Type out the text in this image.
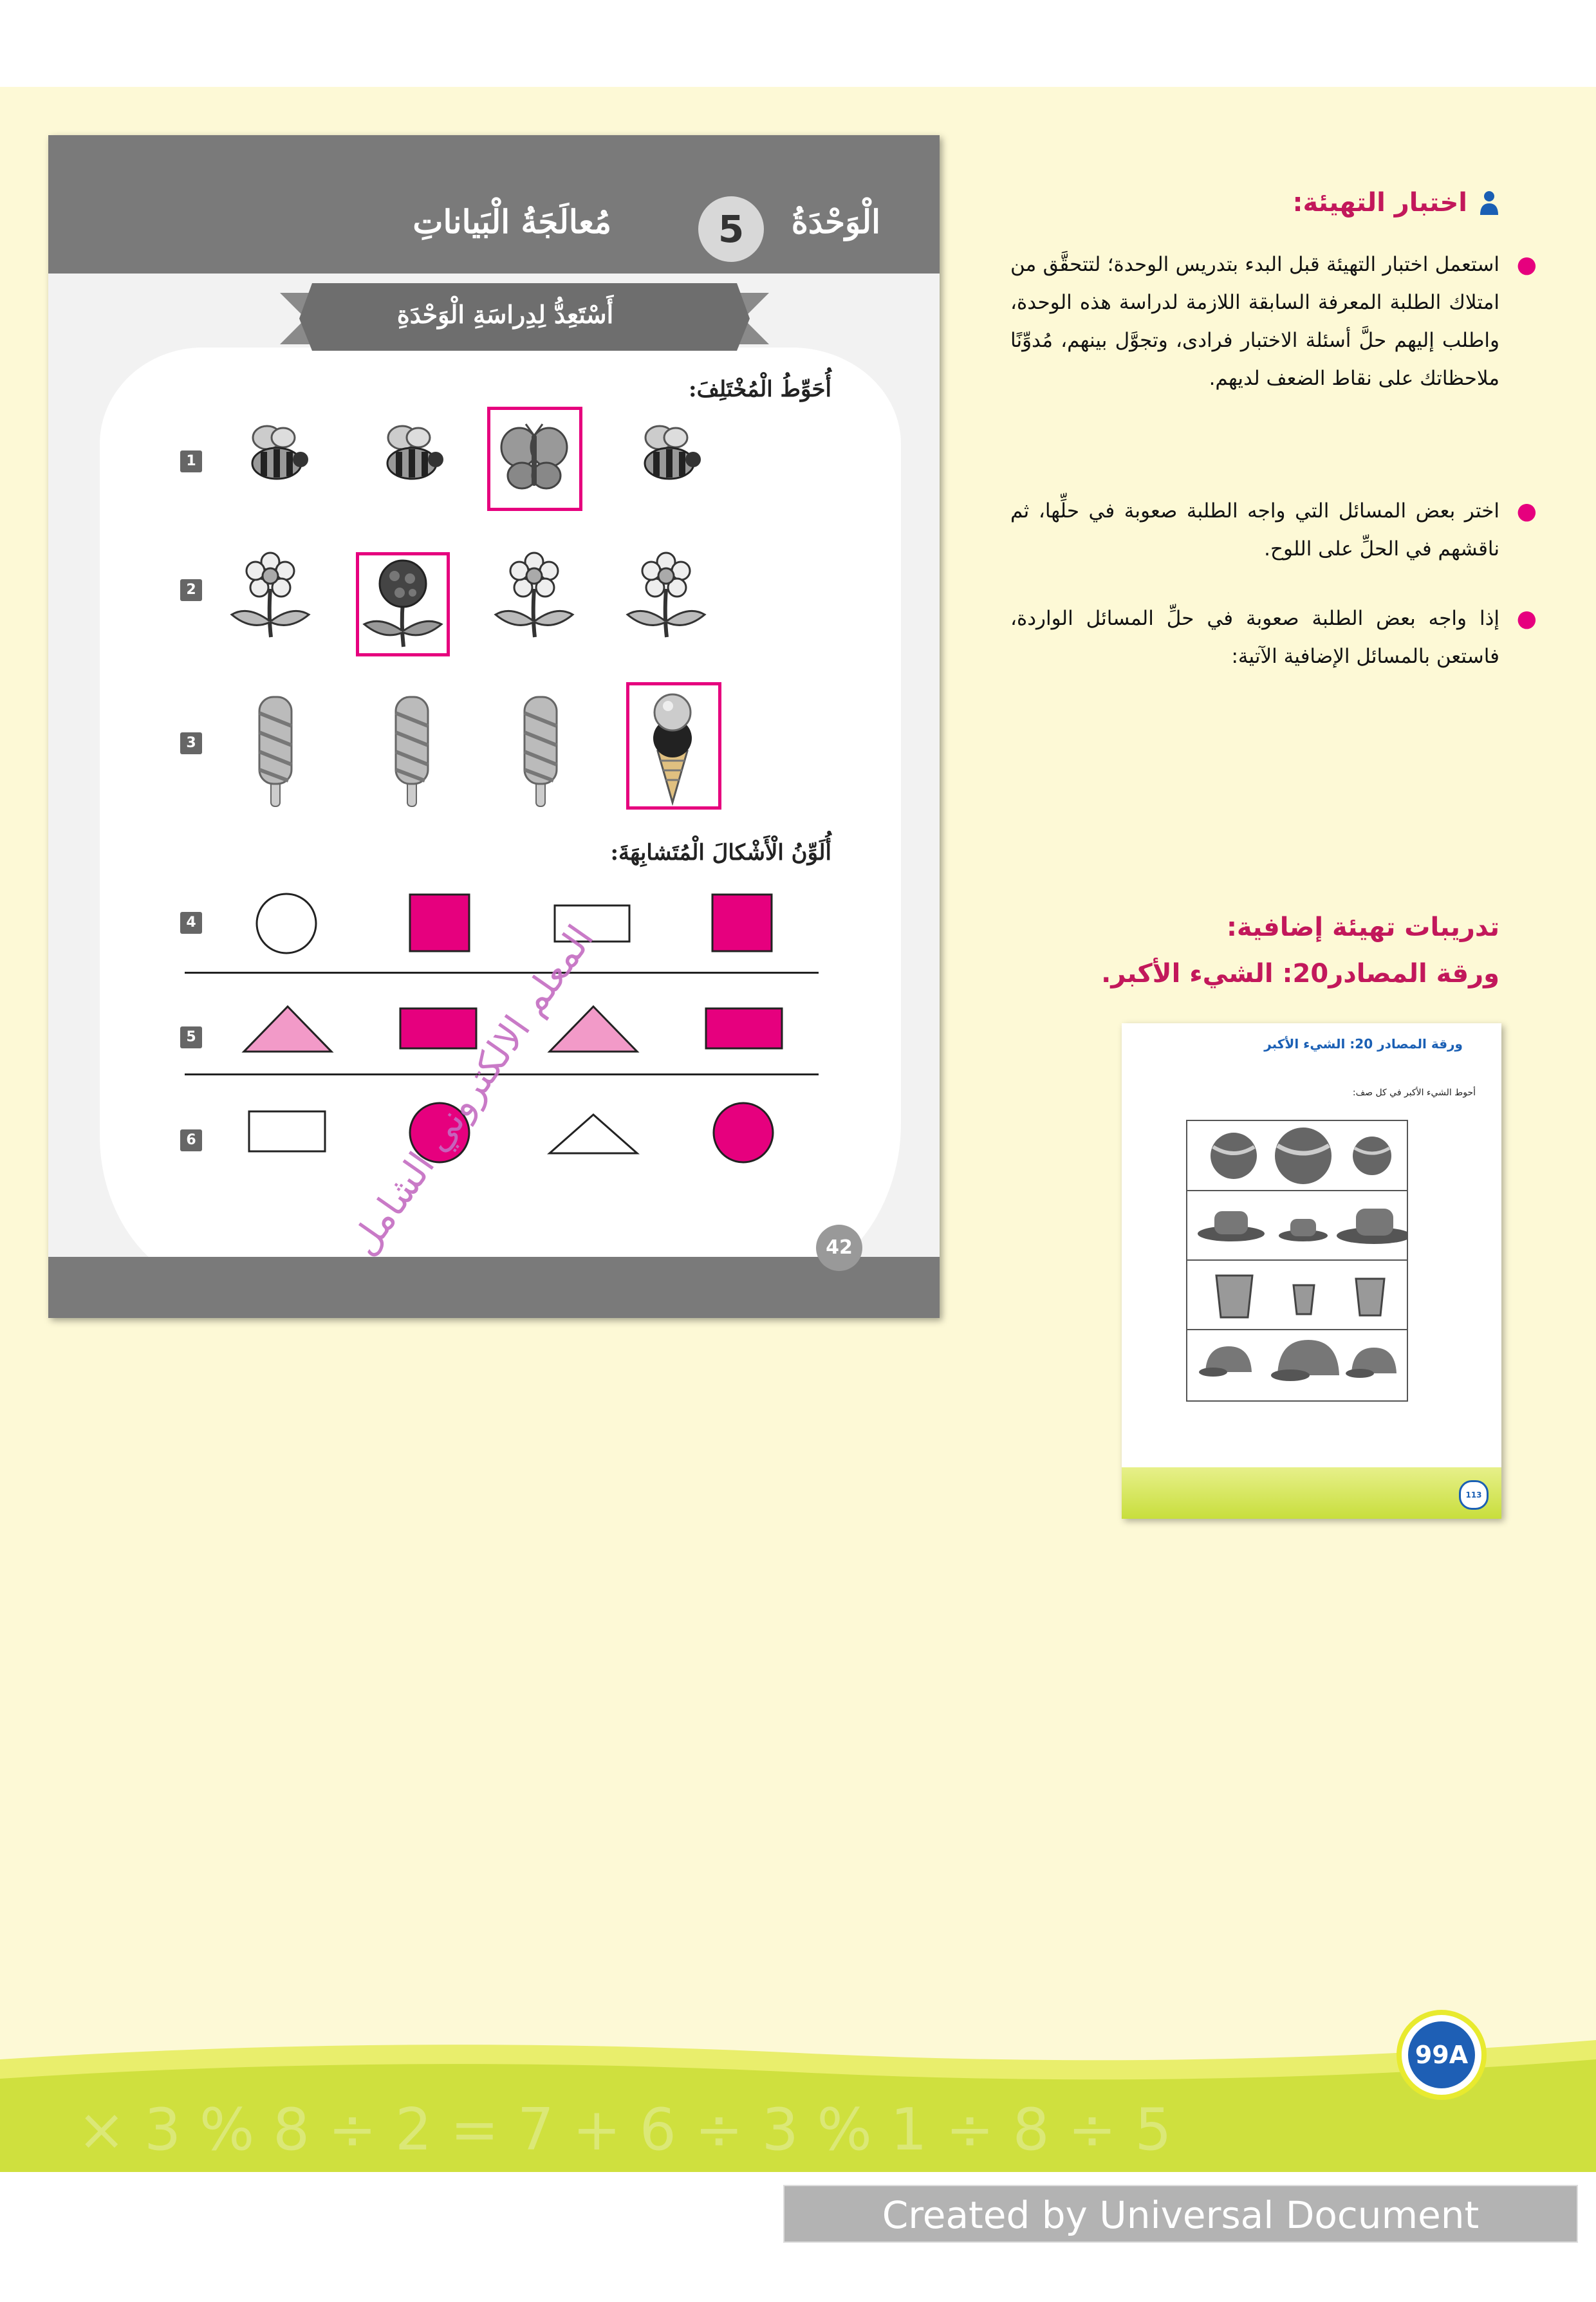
اختبار التهيئة:
●
استعمل اختبار التهيئة قبل البدء بتدريس الوحدة؛ لتتحقَّق من امتلاك الطلبة المعرفة السابقة اللازمة لدراسة هذه الوحدة، واطلب إليهم حلَّ أسئلة الاختبار فرادى، وتجوَّل بينهم، مُدوِّنًا ملاحظاتك على نقاط الضعف لديهم.
●
اختر بعض المسائل التي واجه الطلبة صعوبة في حلِّها، ثم ناقشهم في الحلِّ على اللوح.
●
إذا واجه بعض الطلبة صعوبة في حلِّ المسائل الواردة، فاستعن بالمسائل الإضافية الآتية:
تدريبات تهيئة إضافية:
ورقة المصادر20: الشيء الأكبر.
الْوَحْدَةُ
5
مُعالَجَةُ الْبَياناتِ
أَسْتَعِدُّ لِدِراسَةِ الْوَحْدَةِ
أُحَوِّطُ الْمُخْتَلِفَ:
1
2
3
أُلَوِّنُ الْأَشْكالَ الْمُتَشابِهَةَ:
4
5
6
42
ورقة المصادر 20: الشيء الأكبر
أحوط الشيء الأكبر في كل صف:
113
× 3 % 8 ÷ 2 = 7 + 6 ÷ 3 % 1 ÷ 8 ÷ 5
99A
Created by Universal Document Converter
